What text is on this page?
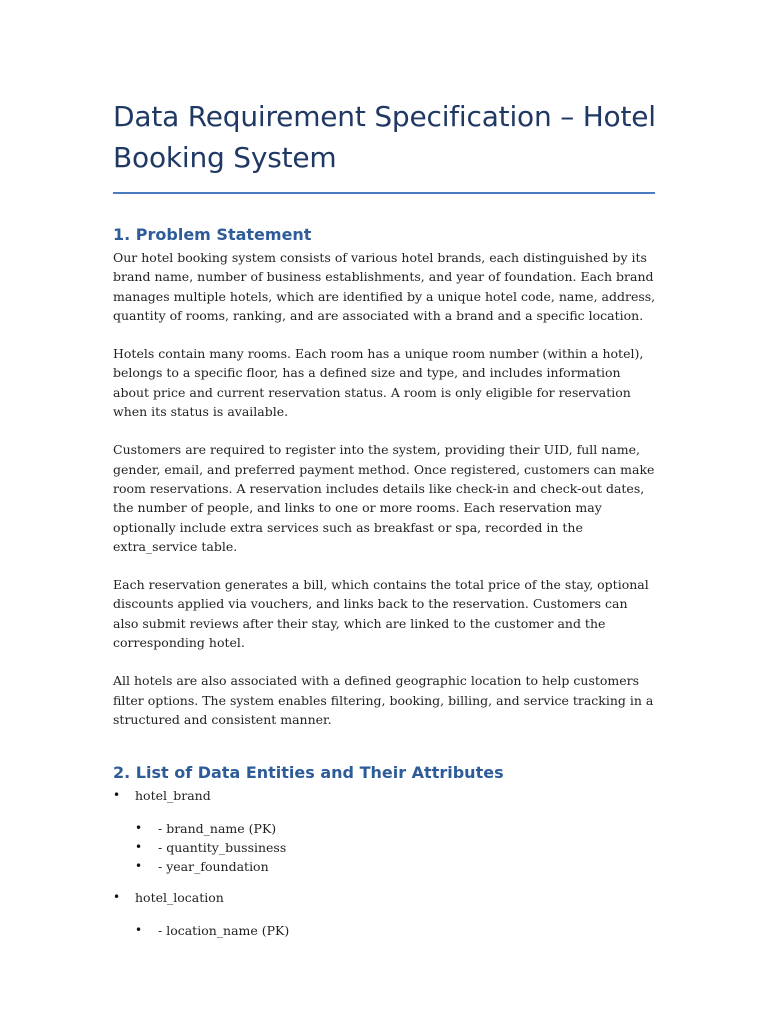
Data Requirement Specification – Hotel Booking System
1. Problem Statement

Our hotel booking system consists of various hotel brands, each distinguished by its brand name, number of business establishments, and year of foundation. Each brand manages multiple hotels, which are identified by a unique hotel code, name, address, quantity of rooms, ranking, and are associated with a brand and a specific location.

Hotels contain many rooms. Each room has a unique room number (within a hotel), belongs to a specific floor, has a defined size and type, and includes information about price and current reservation status. A room is only eligible for reservation when its status is available.

Customers are required to register into the system, providing their UID, full name, gender, email, and preferred payment method. Once registered, customers can make room reservations. A reservation includes details like check-in and check-out dates, the number of people, and links to one or more rooms. Each reservation may optionally include extra services such as breakfast or spa, recorded in the extra_service table.

Each reservation generates a bill, which contains the total price of the stay, optional discounts applied via vouchers, and links back to the reservation. Customers can also submit reviews after their stay, which are linked to the customer and the corresponding hotel.

All hotels are also associated with a defined geographic location to help customers filter options. The system enables filtering, booking, billing, and service tracking in a structured and consistent manner.

2. List of Data Entities and Their Attributes
• hotel_brand
• - brand_name (PK)
• - quantity_bussiness
• - year_foundation
• hotel_location
• - location_name (PK)
